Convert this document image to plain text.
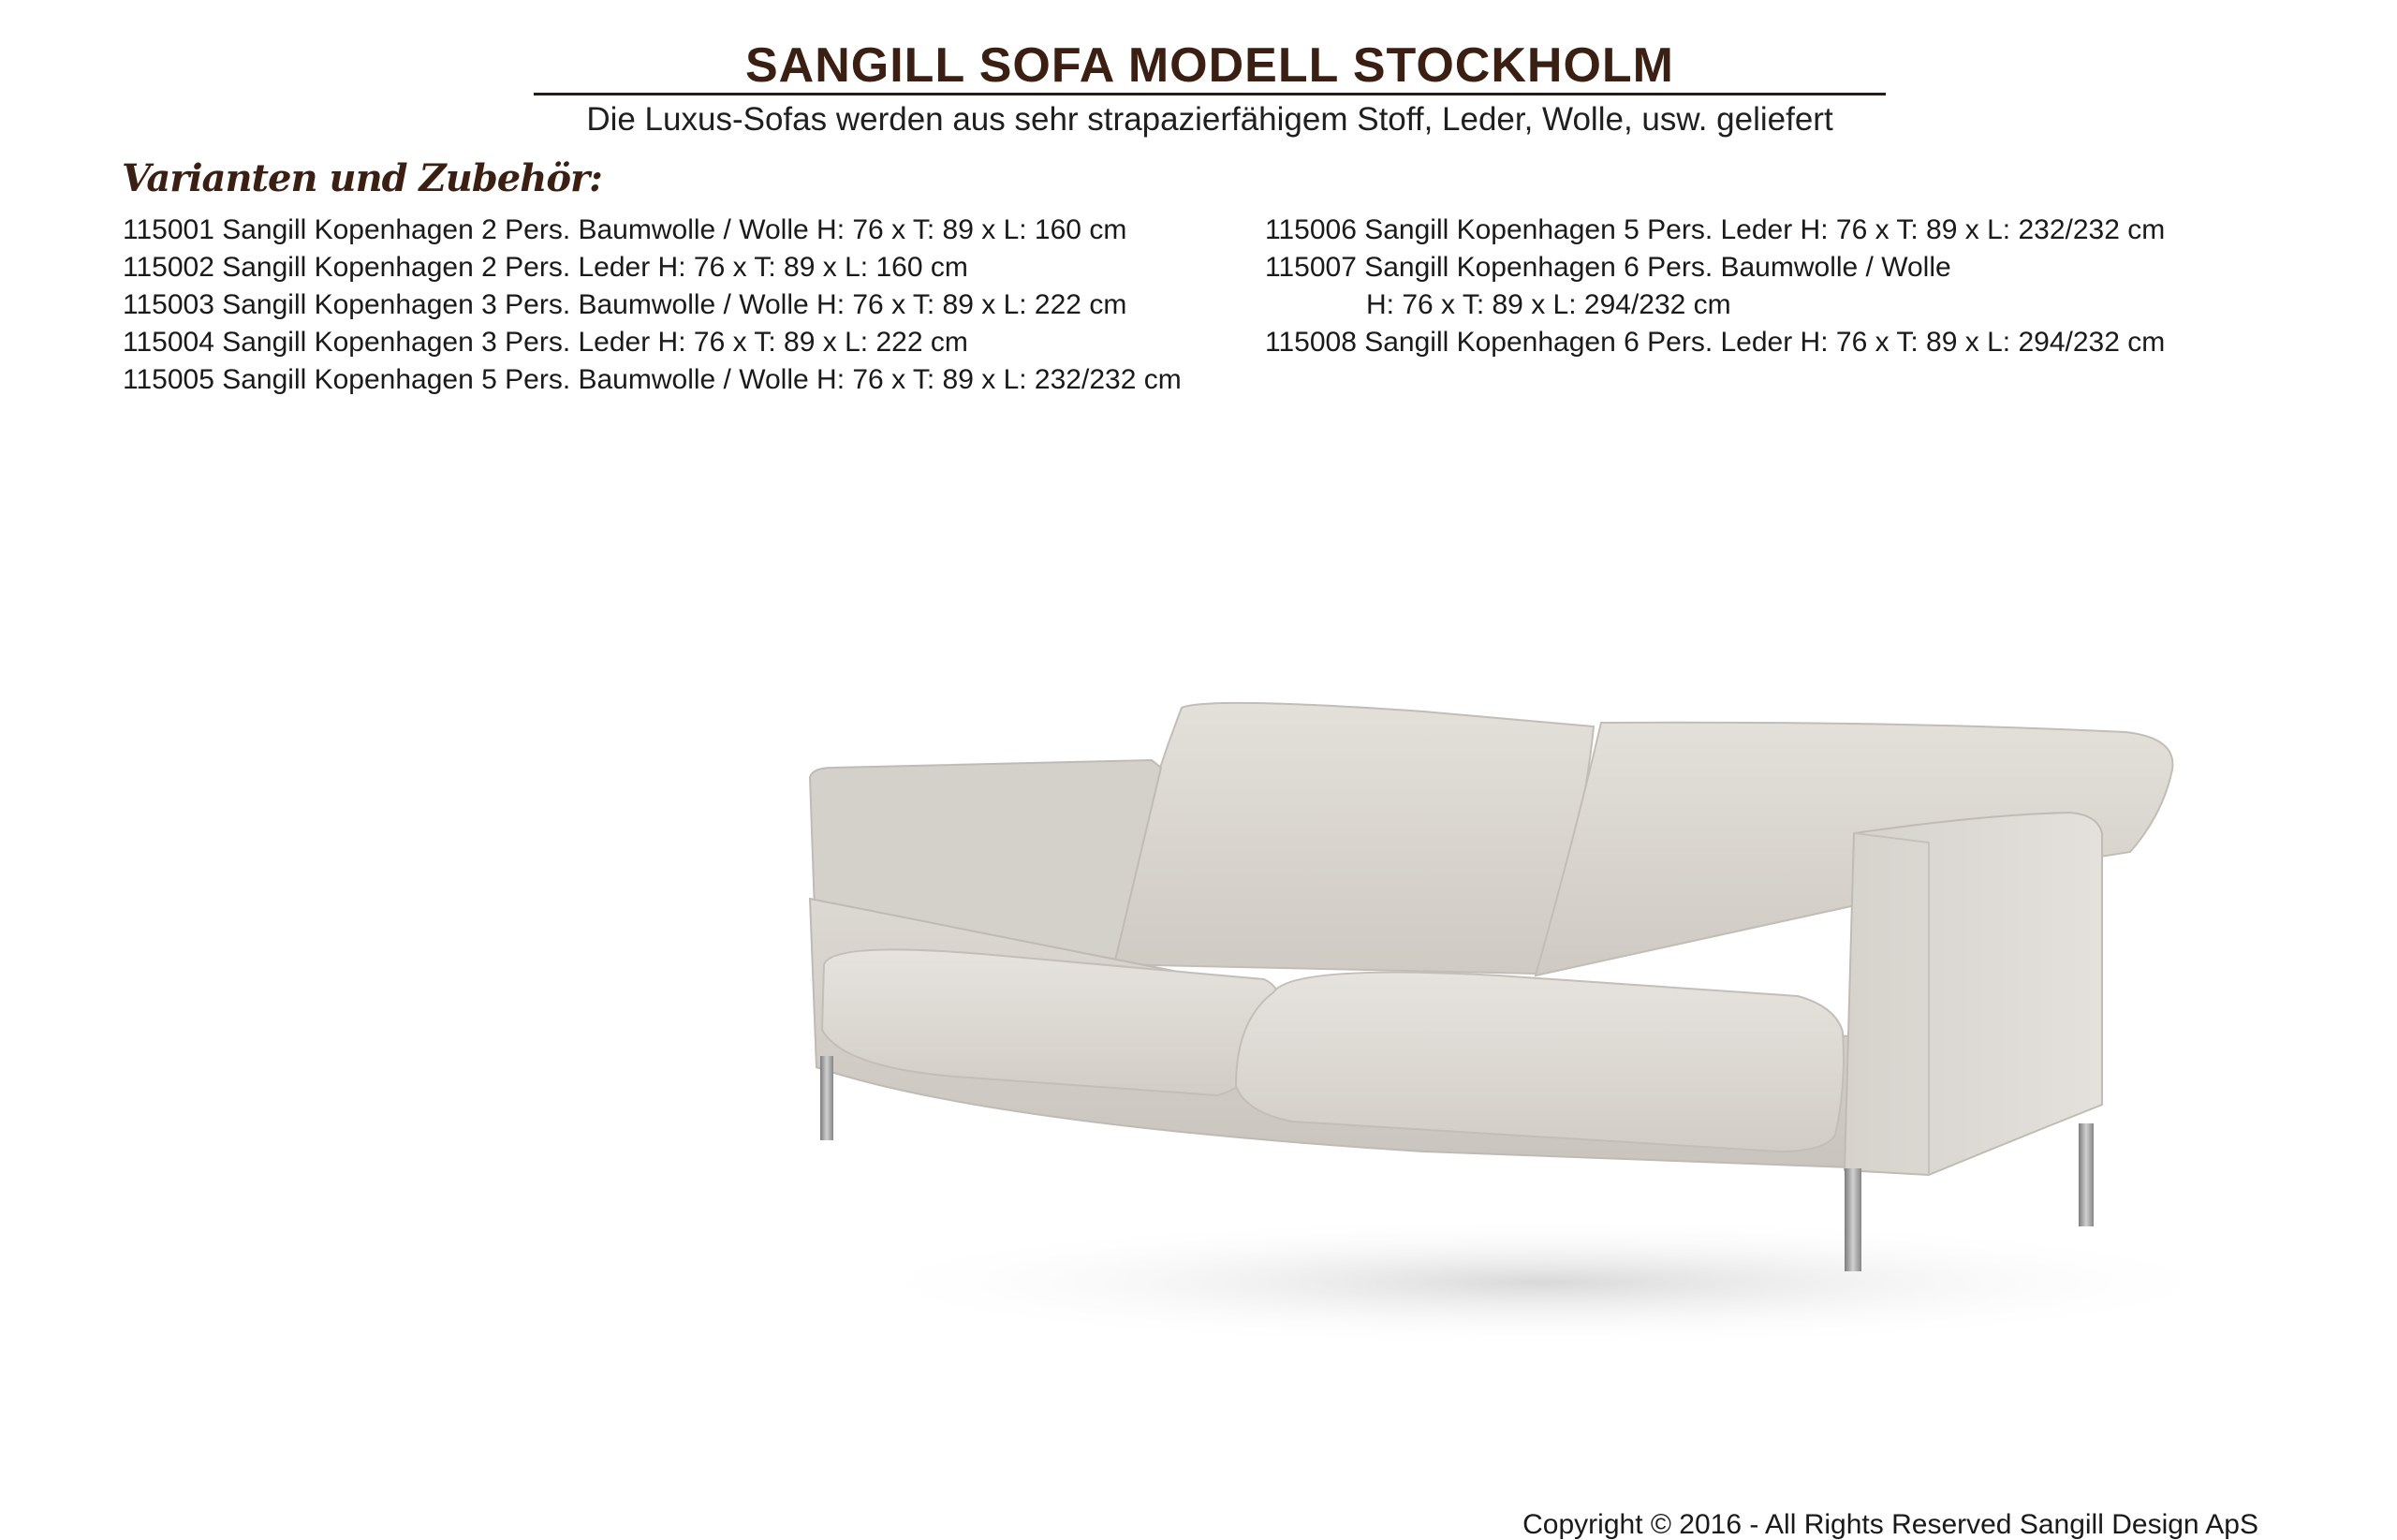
SANGILL SOFA MODELL STOCKHOLM
Die Luxus-Sofas werden aus sehr strapazierfähigem Stoff, Leder, Wolle, usw. geliefert
Varianten und Zubehör:
115001 Sangill Kopenhagen 2 Pers. Baumwolle / Wolle H: 76 x T: 89 x L: 160 cm
115002 Sangill Kopenhagen 2 Pers. Leder H: 76 x T: 89 x L: 160 cm
115003 Sangill Kopenhagen 3 Pers. Baumwolle / Wolle H: 76 x T: 89 x L: 222 cm
115004 Sangill Kopenhagen 3 Pers. Leder H: 76 x T: 89 x L: 222 cm
115005 Sangill Kopenhagen 5 Pers. Baumwolle / Wolle H: 76 x T: 89 x L: 232/232 cm
115006 Sangill Kopenhagen 5 Pers. Leder H: 76 x T: 89 x L: 232/232 cm
115007 Sangill Kopenhagen 6 Pers. Baumwolle / Wolle
H: 76 x T: 89 x L: 294/232 cm
115008 Sangill Kopenhagen 6 Pers. Leder H: 76 x T: 89 x L: 294/232 cm
Copyright © 2016 - All Rights Reserved Sangill Design ApS
